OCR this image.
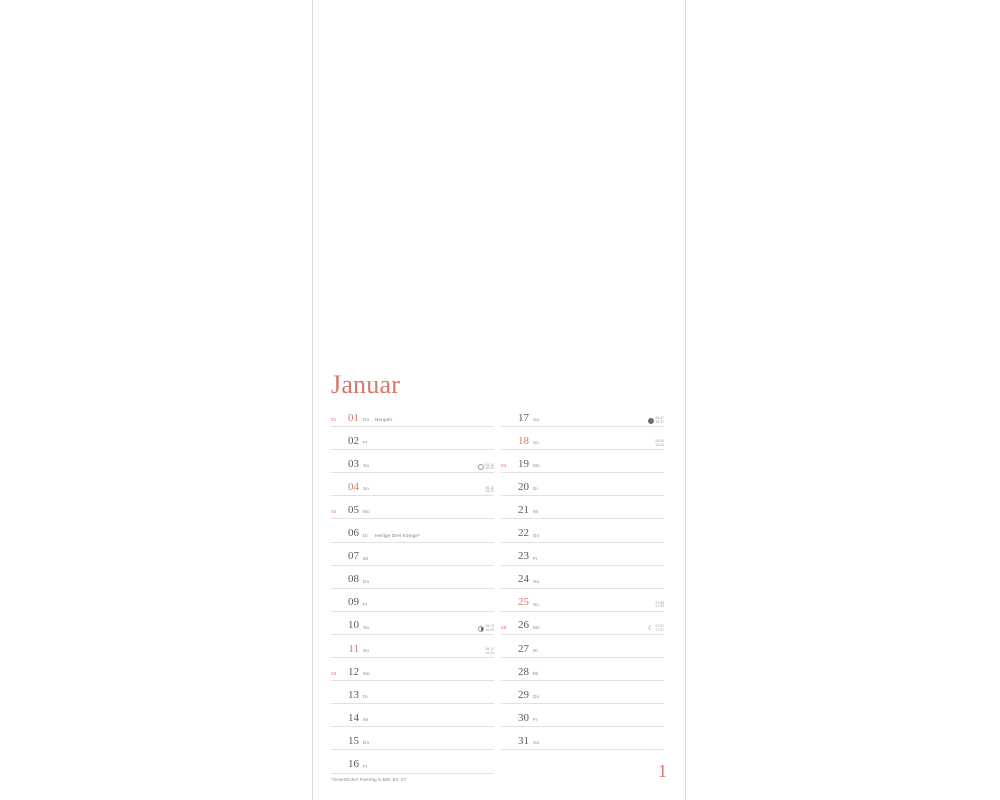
Januar
01	01 Do Neujahr
02 Fr
03 Sa	08:16
16:30
04 So	08:16
16:31
02	05 Mo
06 Di Heilige Drei Könige*
07 Mi
08 Do
09 Fr
10 Sa	08:13
16:39
11 So	08:12
16:41
03	12 Mo
13 Di
14 Mi
15 Do
16 Fr
17 Sa	08:07
16:51
18 So	08:06
16:53
04	19 Mo
20 Di
21 Mi
22 Do
23 Fr
24 Sa
25 So	07:58
17:05
05	26 Mo	☾ 07:57
17:07
27 Di
28 Mi
29 Do
30 Fr
31 Sa
*Gesetzlicher Feiertag in BW, BY, ST	1
